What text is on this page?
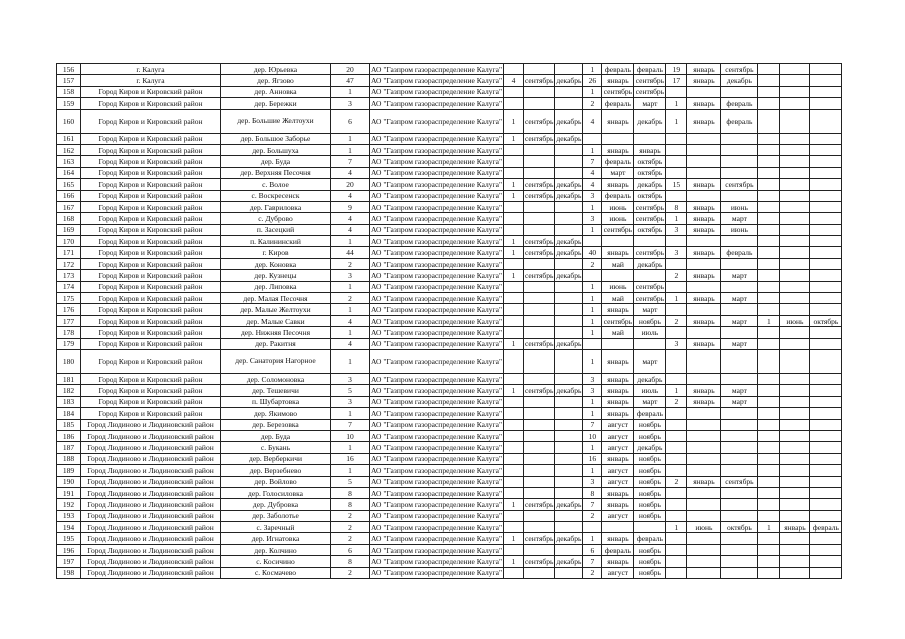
156	г. Калуга	дер. Юрьевка	20	АО "Газпром газораспределение Калуга"				1	февраль	февраль	19	январь	сентябрь			
157	г. Калуга	дер. Ягзово	47	АО "Газпром газораспределение Калуга"	4	сентябрь	декабрь	26	январь	сентябрь	17	январь	декабрь			
158	Город Киров и Кировский район	дер. Анновка	1	АО "Газпром газораспределение Калуга"				1	сентябрь	сентябрь						
159	Город Киров и Кировский район	дер. Бережки	3	АО "Газпром газораспределение Калуга"				2	февраль	март	1	январь	февраль			
160	Город Киров и Кировский район	дер. Большие Желтоухи	6	АО "Газпром газораспределение Калуга"	1	сентябрь	декабрь	4	январь	декабрь	1	январь	февраль			
161	Город Киров и Кировский район	дер. Большое Заборье	1	АО "Газпром газораспределение Калуга"	1	сентябрь	декабрь									
162	Город Киров и Кировский район	дер. Большуха	1	АО "Газпром газораспределение Калуга"				1	январь	январь						
163	Город Киров и Кировский район	дер. Буда	7	АО "Газпром газораспределение Калуга"				7	февраль	октябрь						
164	Город Киров и Кировский район	дер. Верхняя Песочня	4	АО "Газпром газораспределение Калуга"				4	март	октябрь						
165	Город Киров и Кировский район	с. Волое	20	АО "Газпром газораспределение Калуга"	1	сентябрь	декабрь	4	январь	декабрь	15	январь	сентябрь			
166	Город Киров и Кировский район	с. Воскресенск	4	АО "Газпром газораспределение Калуга"	1	сентябрь	декабрь	3	февраль	октябрь						
167	Город Киров и Кировский район	дер. Гавриловка	9	АО "Газпром газораспределение Калуга"				1	июнь	сентябрь	8	январь	июнь			
168	Город Киров и Кировский район	с. Дуброво	4	АО "Газпром газораспределение Калуга"				3	июнь	сентябрь	1	январь	март			
169	Город Киров и Кировский район	п. Засецкий	4	АО "Газпром газораспределение Калуга"				1	сентябрь	октябрь	3	январь	июнь			
170	Город Киров и Кировский район	п. Калининский	1	АО "Газпром газораспределение Калуга"	1	сентябрь	декабрь									
171	Город Киров и Кировский район	г. Киров	44	АО "Газпром газораспределение Калуга"	1	сентябрь	декабрь	40	январь	сентябрь	3	январь	февраль			
172	Город Киров и Кировский район	дер. Коновка	2	АО "Газпром газораспределение Калуга"				2	май	декабрь						
173	Город Киров и Кировский район	дер. Кузнецы	3	АО "Газпром газораспределение Калуга"	1	сентябрь	декабрь				2	январь	март			
174	Город Киров и Кировский район	дер. Липовка	1	АО "Газпром газораспределение Калуга"				1	июнь	сентябрь						
175	Город Киров и Кировский район	дер. Малая Песочня	2	АО "Газпром газораспределение Калуга"				1	май	сентябрь	1	январь	март			
176	Город Киров и Кировский район	дер. Малые Желтоухи	1	АО "Газпром газораспределение Калуга"				1	январь	март						
177	Город Киров и Кировский район	дер. Малые Савки	4	АО "Газпром газораспределение Калуга"				1	сентябрь	ноябрь	2	январь	март	1	июнь	октябрь
178	Город Киров и Кировский район	дер. Нижняя Песочня	1	АО "Газпром газораспределение Калуга"				1	май	июль						
179	Город Киров и Кировский район	дер. Ракитня	4	АО "Газпром газораспределение Калуга"	1	сентябрь	декабрь				3	январь	март			
180	Город Киров и Кировский район	дер. Санатория Нагорное	1	АО "Газпром газораспределение Калуга"				1	январь	март						
181	Город Киров и Кировский район	дер. Соломоновка	3	АО "Газпром газораспределение Калуга"				3	январь	декабрь						
182	Город Киров и Кировский район	дер. Тешевичи	5	АО "Газпром газораспределение Калуга"	1	сентябрь	декабрь	3	январь	июль	1	январь	март			
183	Город Киров и Кировский район	п. Шубартовка	3	АО "Газпром газораспределение Калуга"				1	январь	март	2	январь	март			
184	Город Киров и Кировский район	дер. Якимово	1	АО "Газпром газораспределение Калуга"				1	январь	февраль						
185	Город Людиново и Людиновский район	дер. Березовка	7	АО "Газпром газораспределение Калуга"				7	август	ноябрь						
186	Город Людиново и Людиновский район	дер. Буда	10	АО "Газпром газораспределение Калуга"				10	август	ноябрь						
187	Город Людиново и Людиновский район	с. Букань	1	АО "Газпром газораспределение Калуга"				1	август	декабрь						
188	Город Людиново и Людиновский район	дер. Верберкичи	16	АО "Газпром газораспределение Калуга"				16	январь	ноябрь						
189	Город Людиново и Людиновский район	дер. Верзебнево	1	АО "Газпром газораспределение Калуга"				1	август	ноябрь						
190	Город Людиново и Людиновский район	дер. Войлово	5	АО "Газпром газораспределение Калуга"				3	август	ноябрь	2	январь	сентябрь			
191	Город Людиново и Людиновский район	дер. Голосиловка	8	АО "Газпром газораспределение Калуга"				8	январь	ноябрь						
192	Город Людиново и Людиновский район	дер. Дубровка	8	АО "Газпром газораспределение Калуга"	1	сентябрь	декабрь	7	январь	ноябрь						
193	Город Людиново и Людиновский район	дер. Заболотье	2	АО "Газпром газораспределение Калуга"				2	август	ноябрь						
194	Город Людиново и Людиновский район	с. Заречный	2	АО "Газпром газораспределение Калуга"							1	июнь	октябрь	1	январь	февраль
195	Город Людиново и Людиновский район	дер. Игнатовка	2	АО "Газпром газораспределение Калуга"	1	сентябрь	декабрь	1	январь	февраль						
196	Город Людиново и Людиновский район	дер. Колчино	6	АО "Газпром газораспределение Калуга"				6	февраль	ноябрь						
197	Город Людиново и Людиновский район	с. Косичино	8	АО "Газпром газораспределение Калуга"	1	сентябрь	декабрь	7	январь	ноябрь						
198	Город Людиново и Людиновский район	с. Космачево	2	АО "Газпром газораспределение Калуга"				2	август	ноябрь						
